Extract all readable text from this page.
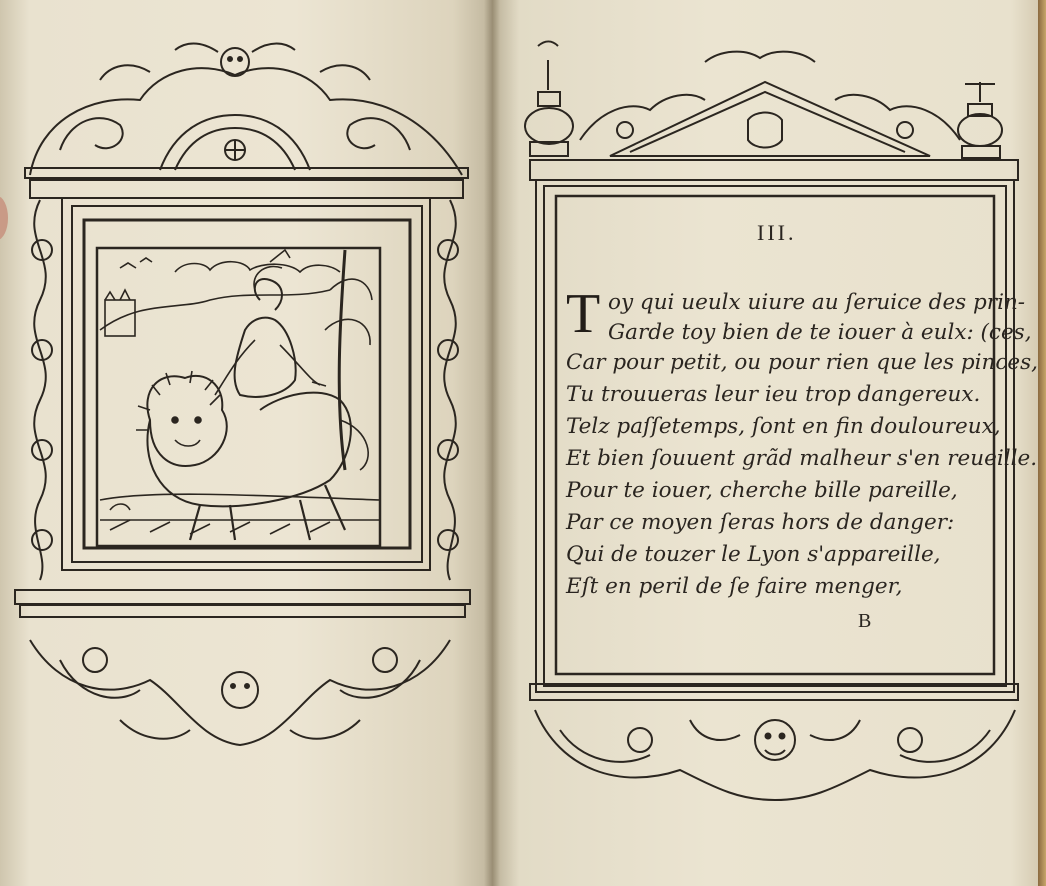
III.
T oy qui ueulx uiure au ſeruice des prin-
Garde toy bien de te iouer à eulx: (ces,
Car pour petit, ou pour rien que les pinces,
Tu trouueras leur ieu trop dangereux.
Telz paſſetemps, ſont en fin douloureux,
Et bien ſouuent grãd malheur s'en reueille.
Pour te iouer, cherche bille pareille,
Par ce moyen ſeras hors de danger:
Qui de touzer le Lyon s'appareille,
Eſt en peril de ſe faire menger,
B
